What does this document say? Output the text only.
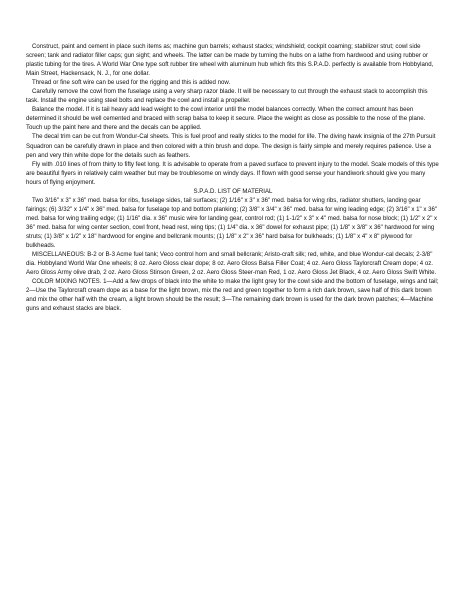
Construct, paint and cement in place such items as; machine gun barrels; exhaust stacks; windshield; cockpit coaming; stabilizer strut; cowl side screen; tank and radiator filler caps; gun sight; and wheels. The latter can be made by turning the hubs on a lathe from hardwood and using rubber or plastic tubing for the tires. A World War One type soft rubber tire wheel with aluminum hub which fits this S.P.A.D. perfectly is available from Hobbyland, Main Street, Hackensack, N. J., for one dollar.

Thread or fine soft wire can be used for the rigging and this is added now.

Carefully remove the cowl from the fuselage using a very sharp razor blade. It will be necessary to cut through the exhaust stack to accomplish this task. Install the engine using steel bolts and replace the cowl and install a propeller.

Balance the model. If it is tail heavy add lead weight to the cowl interior until the model balances correctly. When the correct amount has been determined it should be well cemented and braced with scrap balsa to keep it secure. Place the weight as close as possible to the nose of the plane. Touch up the paint here and there and the decals can be applied.

The decal trim can be cut from Wondur-Cal sheets. This is fuel proof and really sticks to the model for life. The diving hawk insignia of the 27th Pursuit Squadron can be carefully drawn in place and then colored with a thin brush and dope. The design is fairly simple and merely requires patience. Use a pen and very thin white dope for the details such as feathers.

Fly with .010 lines of from thirty to fifty feet long. It is advisable to operate from a paved surface to prevent injury to the model. Scale models of this type are beautiful flyers in relatively calm weather but may be troublesome on windy days. If flown with good sense your handiwork should give you many hours of flying enjoyment.

S.P.A.D. LIST OF MATERIAL

Two 3/16" x 3" x 36" med. balsa for ribs, fuselage sides, tail surfaces; (2) 1/16" x 3" x 36" med. balsa for wing ribs, radiator shutters, landing gear fairings; (6) 3/32" x 1/4" x 36" med. balsa for fuselage top and bottom planking; (2) 3/8" x 3/4" x 36" med. balsa for wing leading edge; (2) 3/16" x 1" x 36" med. balsa for wing trailing edge; (1) 1/16" dia. x 36" music wire for landing gear, control rod; (1) 1-1/2" x 3" x 4" med. balsa for nose block; (1) 1/2" x 2" x 36" med. balsa for wing center section, cowl front, head rest, wing tips; (1) 1/4" dia. x 36" dowel for exhaust pipe; (1) 1/8" x 3/8" x 36" hardwood for wing struts; (1) 3/8" x 1/2" x 18" hardwood for engine and bellcrank mounts; (1) 1/8" x 2" x 36" hard balsa for bulkheads; (1) 1/8" x 4" x 8" plywood for bulkheads.

MISCELLANEOUS: B-2 or B-3 Acme fuel tank; Veco control horn and small bellcrank; Aristo-craft silk; red, white, and blue Wondur-cal decals; 2-3/8" dia. Hobbyland World War One wheels; 8 oz. Aero Gloss clear dope; 8 oz. Aero Gloss Balsa Filler Coat; 4 oz. Aero Gloss Taylorcraft Cream dope; 4 oz. Aero Gloss Army olive drab, 2 oz. Aero Gloss Stinson Green, 2 oz. Aero Gloss Steer-man Red, 1 oz. Aero Gloss Jet Black, 4 oz. Aero Gloss Swift White.

COLOR MIXING NOTES. 1—Add a few drops of black into the white to make the light grey for the cowl side and the bottom of fuselage, wings and tail; 2—Use the Taylorcraft cream dope as a base for the light brown, mix the red and green together to form a rich dark brown, save half of this dark brown and mix the other half with the cream, a light brown should be the result; 3—The remaining dark brown is used for the dark brown patches; 4—Machine guns and exhaust stacks are black.
